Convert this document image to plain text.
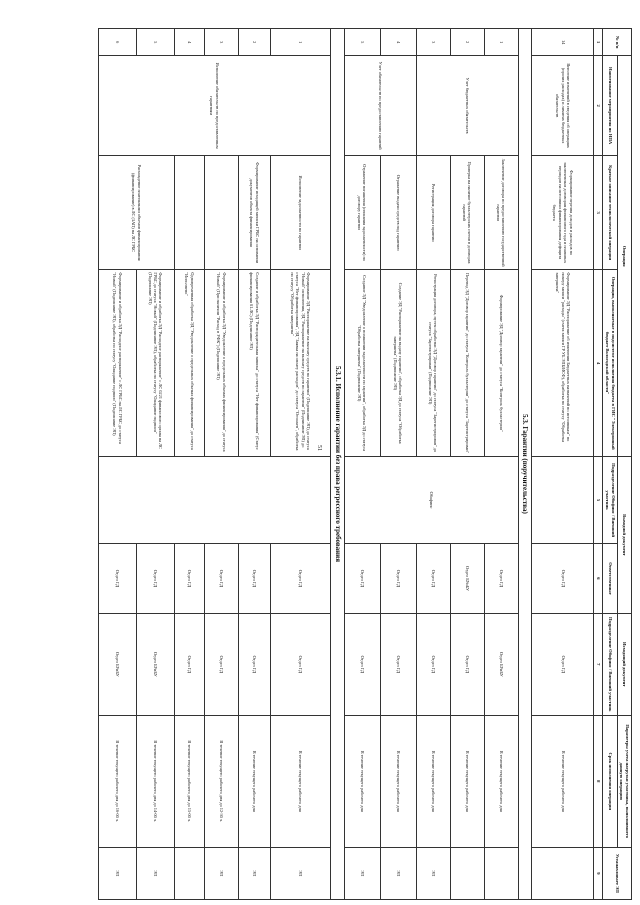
51
№ п/п	Операция			Выходной документ		Исходящий документ	Параметры учета нагрузки участника, выполнившего данную операцию	Устанавливает ЭП
	Наименование мероприятия по НПА	Краткое описание технологической операции	Операции, выполняемые в подсистеме исполнения бюджета в ГИС "Электронный бюджет Вологодской области"	Подразделение Обофинс / Внешний участник	Ответственные	Подразделение Обофинс / Внешний участник	Срок исполнения операции	
1	2	3	4	5	6	7	8	9
14	Внесение изменений в сведения об операциях (прочих расходах) и лимитах бюджетных обязательств	Формирование перечня доходов и расходов по заключенным договорам финансового года и плановых периодов на источники финансирования дефицита бюджета	Формирование ЭД "Распоряжение об изменении Бюджетных назначений по источникам" по номеру записи "расходы" (смета записи ГР УБ ЭПБ/ИСФ), обработка по статусу "Обработка завершена"		Отдел ГД	Отдел ГД	В течение текущего рабочего дня	
5.3. Гарантии (поручительства)								
1	Учет бюджетных обязательств	Заключение договора по предоставлению государственной гарантии	Формирование ЭД "Договор гарантии" до статуса "Контроль бухгалтерии"	Обофинс	Отдел ГД	Отдел БУиБУ	В течение текущего рабочего дня	
2		Проверка на наличие бухгалтерских счетов в договорах гарантий	Перевод ЭД "Договор гарантии" до статуса "Контроль бухгалтерии" до статуса "Зарегистрирован"		Отдел БУиБУ	Отдел ГД	В течение текущего рабочего дня	
3		Регистрация договора гарантии	Регистрация договора, путем обработки ЭД "Договор гарантии" до статуса "Зарегистрирован" до статуса "Зарегистрирован" (Подписание ЭП)		Отдел ГД	Отдел ГД	В течение текущего рабочего дня	ЭП
4	Учет обязательств по предоставлению гарантий	Отражение выдачи средств под гарантию	Создание ЭД "Распоряжение на выдачу гарантии", обработка ЭД до статуса "Обработка завершена" (Подписание ЭП)		Отдел ГД	Отдел ГД	В течение текущего рабочего дня	ЭП
5		Отражение погашения (списания задолженности) по договору гарантии	Создание ЭД "Уведомление о погашении задолженности по гарантии", обработка ЭД до статуса "Обработка завершена" (Подписание ЭП)		Отдел ГД	Отдел ГД	В течение текущего рабочего дня	ЭП
5.3.1. Исполнение гарантии без права регрессного требования								
1	Исполнение обязательств по предоставленным гарантиям	Исполнение задолженности по гарантии	Формирование ЭД "Распоряжение на выплату средств по гарантии" (Подписание ЭП) до статуса "Новый" исполнения, ЭД "Распоряжение на выплату средств по гарантии" (Подписание ЭП) до статуса "Нет финансирования", ЭД "Заявка на оплату расходов" до статуса "Отложен", обработка по статусу "Обработка завершена"		Отдел ГД	Отдел ГД	В течение текущего рабочего дня	ЭП
2		Формирование исходящей записки ГРБС на основании документов объекта финансирования	Создание и обработка ЭД "Распорядительная записка" до статуса "Нет финансирования" (Статус финансирования 01.ЛС) (Подписание ЭП)		Отдел ГД	Отдел ГД	В течение текущего рабочего дня	ЭП
3			Формирование и обработка ЭД "Уведомление о предельных объемах финансирования" до статуса "Новый" (При наличии "Расход в УФК") (Подписание ЭП)		Отдел ГД	Отдел ГД	В течение текущего рабочего дня до 12-30 ч.	ЭП
4			Одновременная обработка ЭД "Уведомление о предельных объемах финансирования" до статуса "Исполнено"		Отдел ГД	Отдел ГД	В течение текущего рабочего дня до 15-00 ч.	
5		Расхождение платежными объемов финансирования (финансирование) в ЛС (ЗАП) на ЛС ГРБС	Формирование и обработка ЭД "Расходное распоряжение" с ЛС 0221 финансового органа на ЛС ГРБС до статуса "Новый" (Подписание ЭП), обработка по статусу "Ожидание подписи" (Подписание ЭП)		Отдел ГД	Отдел БУиБУ	В течение текущего рабочего дня до 14-00 ч.	ЭП
6			Формирование и обработка ЭД "Расходное распоряжение" с ЛС ГРБС на ЛС ГРБС до статуса "Новый" (Подписание ЭП), обработка по статусу "Ожидание подписи" (Подписание ЭП)		Отдел ГД	Отдел БУиБУ	В течение текущего рабочего дня до 16-00 ч.	ЭП
